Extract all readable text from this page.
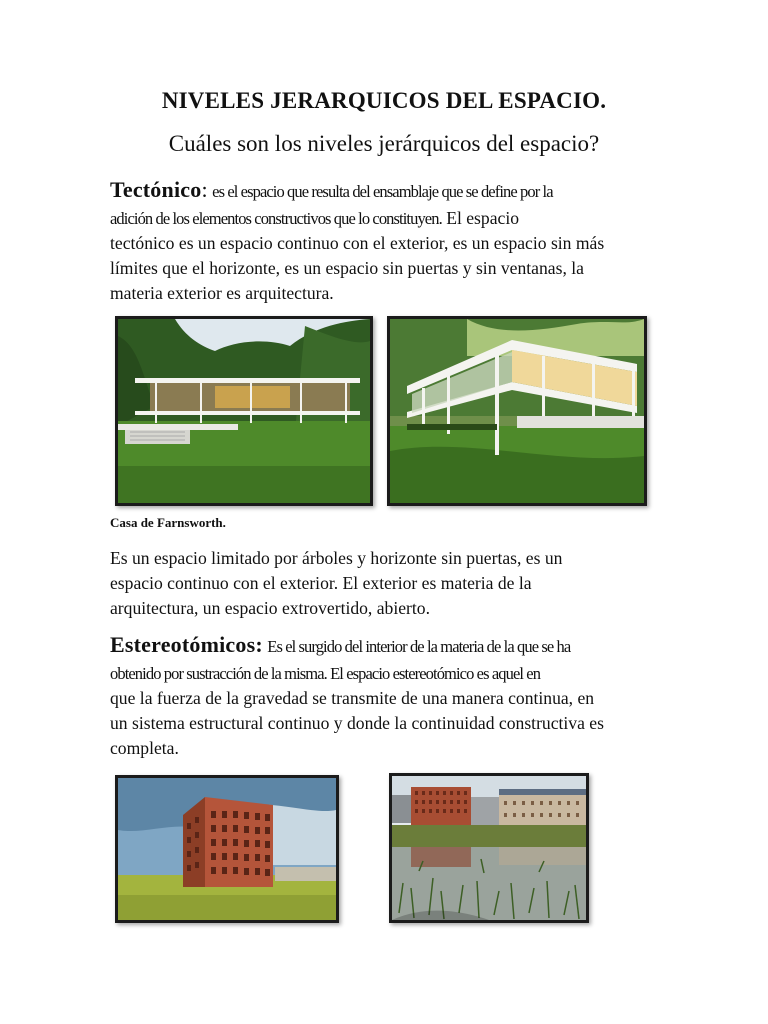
NIVELES JERARQUICOS DEL ESPACIO.
Cuáles son los niveles jerárquicos del espacio?
Tectónico: es el espacio que resulta del ensamblaje que se define por la
adición de los elementos constructivos que lo constituyen. El espacio
tectónico es un espacio continuo con el exterior, es un espacio sin más
límites que el horizonte, es un espacio sin puertas y sin ventanas, la
materia exterior es arquitectura.
Casa de Farnsworth.
Es un espacio limitado por árboles y horizonte sin puertas, es un
espacio continuo con el exterior. El exterior es materia de la
arquitectura, un espacio extrovertido, abierto.
Estereotómicos: Es el surgido del interior de la materia de la que se ha
obtenido por sustracción de la misma. El espacio estereotómico es aquel en
que la fuerza de la gravedad se transmite de una manera continua, en
un sistema estructural continuo y donde la continuidad constructiva es
completa.
